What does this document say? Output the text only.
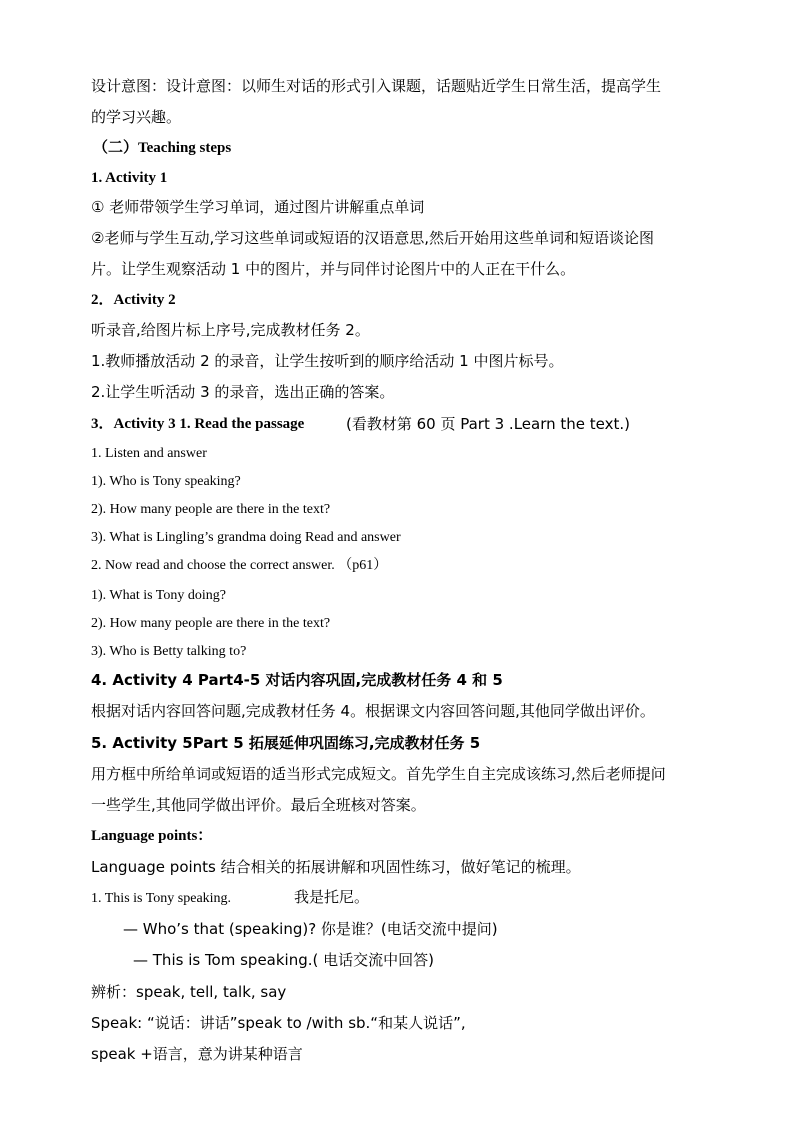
设计意图：设计意图：以师生对话的形式引入课题，话题贴近学生日常生活，提高学生
的学习兴趣。
（二）Teaching steps
1. Activity 1
① 老师带领学生学习单词，通过图片讲解重点单词
②老师与学生互动,学习这些单词或短语的汉语意思,然后开始用这些单词和短语谈论图
片。让学生观察活动 1 中的图片，并与同伴讨论图片中的人正在干什么。
2．Activity 2
听录音,给图片标上序号,完成教材任务 2。
1.教师播放活动 2 的录音，让学生按听到的顺序给活动 1 中图片标号。
2.让学生听活动 3 的录音，选出正确的答案。
3．Activity 3 1. Read the passage	(看教材第 60 页 Part 3 .Learn the text.)
1. Listen and answer
1). Who is Tony speaking?
2). How many people are there in the text?
3). What is Lingling’s grandma doing Read and answer
2. Now read and choose the correct answer. （p61）
1). What is Tony doing?
2). How many people are there in the text?
3). Who is Betty talking to?
4. Activity 4 Part4-5 对话内容巩固,完成教材任务 4 和 5
根据对话内容回答问题,完成教材任务 4。根据课文内容回答问题,其他同学做出评价。
5. Activity 5Part 5 拓展延伸巩固练习,完成教材任务 5
用方框中所给单词或短语的适当形式完成短文。首先学生自主完成该练习,然后老师提问
一些学生,其他同学做出评价。最后全班核对答案。
Language points：
Language points 结合相关的拓展讲解和巩固性练习，做好笔记的梳理。
1. This is Tony speaking.	我是托尼。
— Who’s that (speaking)? 你是谁？(电话交流中提问)
— This is Tom speaking.( 电话交流中回答)
辨析：speak, tell, talk, say
Speak: “说话：讲话”speak to /with sb.“和某人说话”,
speak +语言，意为讲某种语言
